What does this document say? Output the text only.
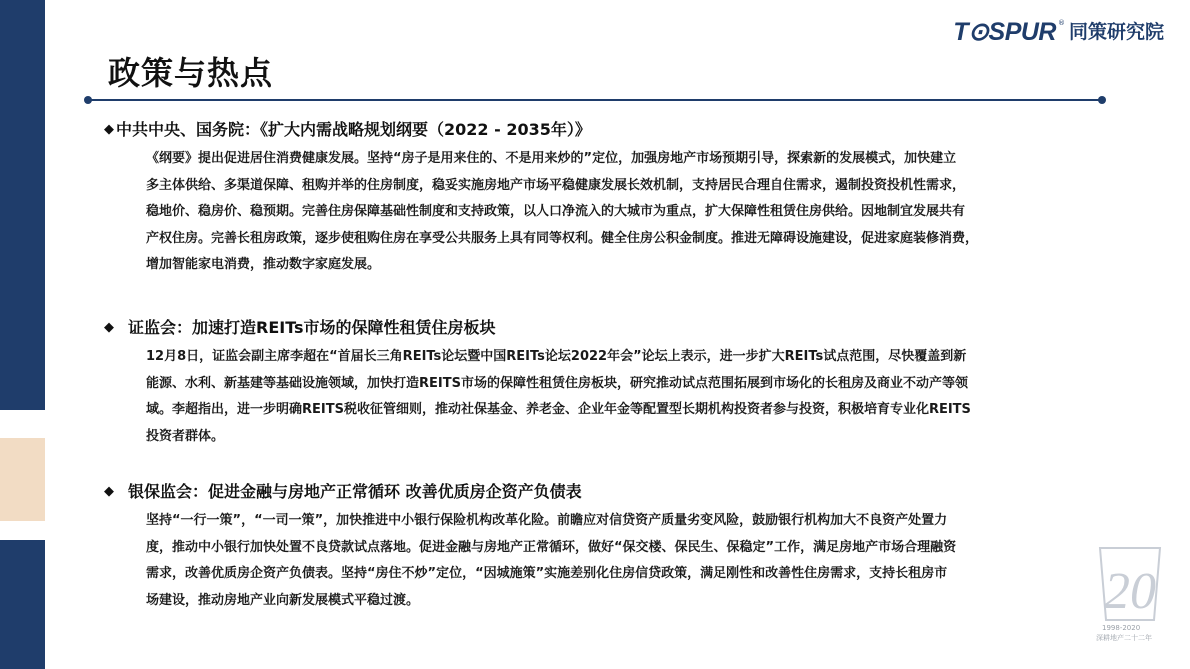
T⊙SPUR ® 同策研究院
政策与热点
◆ 中共中央、国务院：《扩大内需战略规划纲要（2022 - 2035年）》
《纲要》提出促进居住消费健康发展。坚持“房子是用来住的、不是用来炒的”定位，加强房地产市场预期引导，探索新的发展模式，加快建立
多主体供给、多渠道保障、租购并举的住房制度，稳妥实施房地产市场平稳健康发展长效机制，支持居民合理自住需求，遏制投资投机性需求，
稳地价、稳房价、稳预期。完善住房保障基础性制度和支持政策，以人口净流入的大城市为重点，扩大保障性租赁住房供给。因地制宜发展共有
产权住房。完善长租房政策，逐步使租购住房在享受公共服务上具有同等权利。健全住房公积金制度。推进无障碍设施建设，促进家庭装修消费，
增加智能家电消费，推动数字家庭发展。
◆ 证监会：加速打造REITs市场的保障性租赁住房板块
12月8日，证监会副主席李超在“首届长三角REITs论坛暨中国REITs论坛2022年会”论坛上表示，进一步扩大REITs试点范围，尽快覆盖到新
能源、水利、新基建等基础设施领域，加快打造REITS市场的保障性租赁住房板块，研究推动试点范围拓展到市场化的长租房及商业不动产等领
域。李超指出，进一步明确REITS税收征管细则，推动社保基金、养老金、企业年金等配置型长期机构投资者参与投资，积极培育专业化REITS
投资者群体。
◆ 银保监会：促进金融与房地产正常循环 改善优质房企资产负债表
坚持“一行一策”，“一司一策”，加快推进中小银行保险机构改革化险。前瞻应对信贷资产质量劣变风险，鼓励银行机构加大不良资产处置力
度，推动中小银行加快处置不良贷款试点落地。促进金融与房地产正常循环，做好“保交楼、保民生、保稳定”工作，满足房地产市场合理融资
需求，改善优质房企资产负债表。坚持“房住不炒”定位，“因城施策”实施差别化住房信贷政策，满足刚性和改善性住房需求，支持长租房市
场建设，推动房地产业向新发展模式平稳过渡。	20
1998-2020
深耕地产二十二年
